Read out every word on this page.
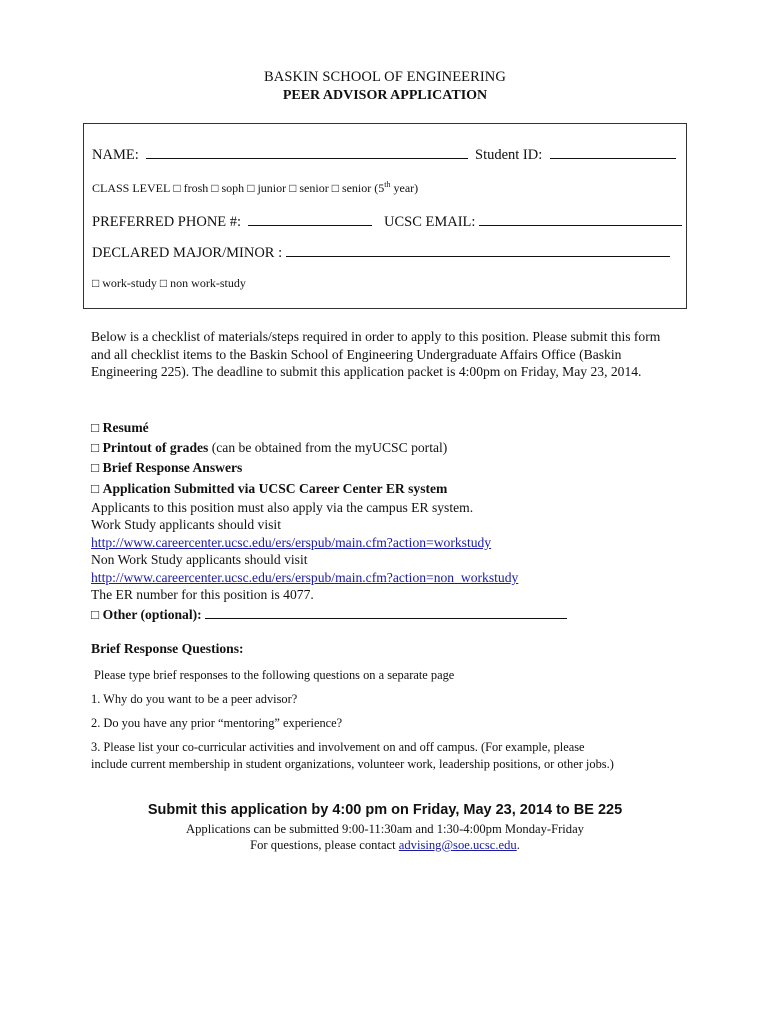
BASKIN SCHOOL OF ENGINEERING
PEER ADVISOR APPLICATION
NAME:	Student ID:
CLASS LEVEL □ frosh □ soph □ junior □ senior □ senior (5th year)
PREFERRED PHONE #:	UCSC EMAIL:
DECLARED MAJOR/MINOR :
□ work-study □ non work-study
Below is a checklist of materials/steps required in order to apply to this position. Please submit this form and all checklist items to the Baskin School of Engineering Undergraduate Affairs Office (Baskin Engineering 225). The deadline to submit this application packet is 4:00pm on Friday, May 23, 2014.
□ Resumé
□ Printout of grades (can be obtained from the myUCSC portal)
□ Brief Response Answers
□ Application Submitted via UCSC Career Center ER system
Applicants to this position must also apply via the campus ER system.
Work Study applicants should visit
http://www.careercenter.ucsc.edu/ers/erspub/main.cfm?action=workstudy
Non Work Study applicants should visit
http://www.careercenter.ucsc.edu/ers/erspub/main.cfm?action=non_workstudy
The ER number for this position is 4077.
□ Other (optional):
Brief Response Questions:
Please type brief responses to the following questions on a separate page
1. Why do you want to be a peer advisor?
2. Do you have any prior “mentoring” experience?
3. Please list your co-curricular activities and involvement on and off campus. (For example, please
include current membership in student organizations, volunteer work, leadership positions, or other jobs.)
Submit this application by 4:00 pm on Friday, May 23, 2014 to BE 225
Applications can be submitted 9:00-11:30am and 1:30-4:00pm Monday-Friday
For questions, please contact advising@soe.ucsc.edu.
